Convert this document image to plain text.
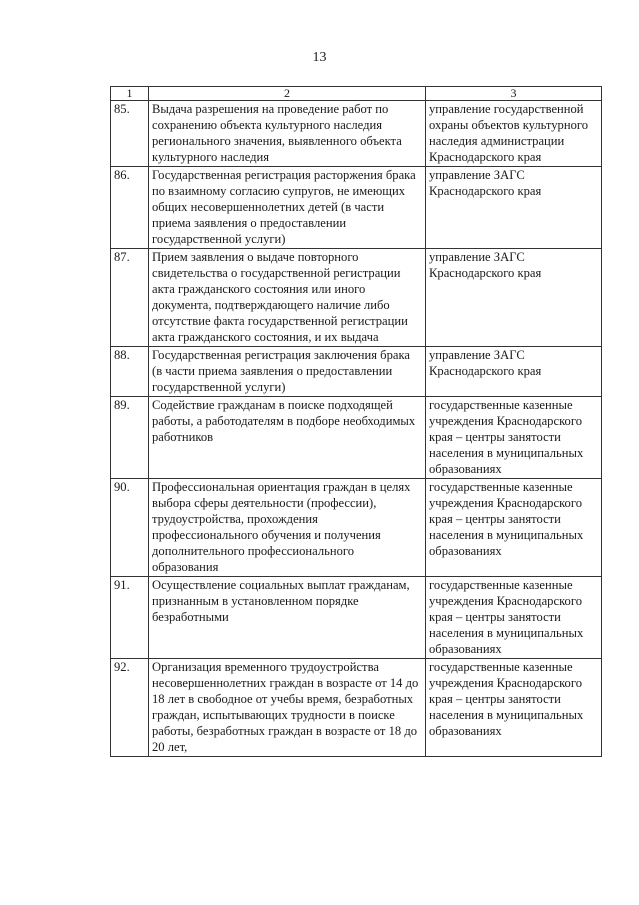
13
1	2	3
85.	Выдача разрешения на проведение работ по сохранению объекта культурного наследия регионального значения, выявленного объекта культурного наследия	управление государственной охраны объектов культурного наследия администрации Краснодарского края
86.	Государственная регистрация расторжения брака по взаимному согласию супругов, не имеющих общих несовершеннолетних детей (в части приема заявления о предоставлении государственной услуги)	управление ЗАГС Краснодарского края
87.	Прием заявления о выдаче повторного свидетельства о государственной регистрации акта гражданского состояния или иного документа, подтверждающего наличие либо отсутствие факта государственной регистрации акта гражданского состояния, и их выдача	управление ЗАГС Краснодарского края
88.	Государственная регистрация заключения брака (в части приема заявления о предоставлении государственной услуги)	управление ЗАГС Краснодарского края
89.	Содействие гражданам в поиске подходящей работы, а работодателям в подборе необходимых работников	государственные казенные учреждения Краснодарского края – центры занятости населения в муниципальных образованиях
90.	Профессиональная ориентация граждан в целях выбора сферы деятельности (профессии), трудоустройства, прохождения профессионального обучения и получения дополнительного профессионального образования	государственные казенные учреждения Краснодарского края – центры занятости населения в муниципальных образованиях
91.	Осуществление социальных выплат гражданам, признанным в установленном порядке безработными	государственные казенные учреждения Краснодарского края – центры занятости населения в муниципальных образованиях
92.	Организация временного трудоустройства несовершеннолетних граждан в возрасте от 14 до 18 лет в свободное от учебы время, безработных граждан, испытывающих трудности в поиске работы, безработных граждан в возрасте от 18 до 20 лет,	государственные казенные учреждения Краснодарского края – центры занятости населения в муниципальных образованиях
